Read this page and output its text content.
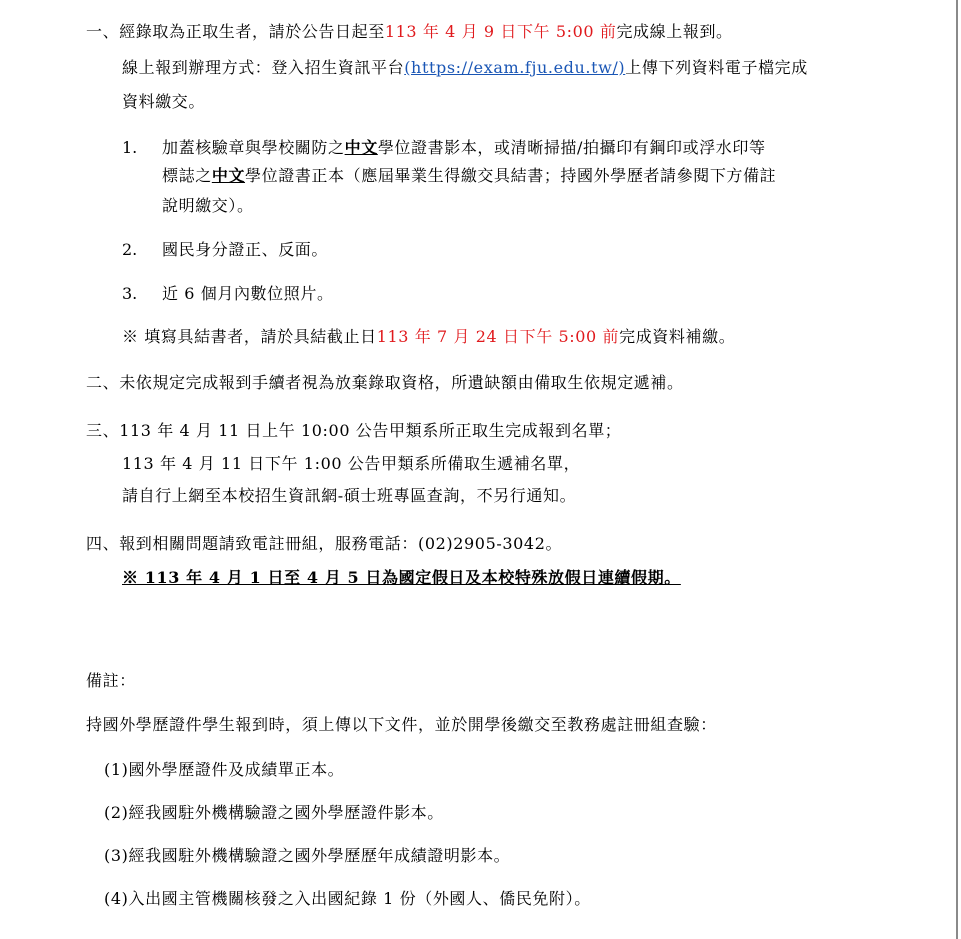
一、經錄取為正取生者，請於公告日起至113 年 4 月 9 日下午 5:00 前完成線上報到。
線上報到辦理方式：登入招生資訊平台(https://exam.fju.edu.tw/)上傳下列資料電子檔完成
資料繳交。
1. 加蓋核驗章與學校關防之中文學位證書影本，或清晰掃描/拍攝印有鋼印或浮水印等
標誌之中文學位證書正本（應屆畢業生得繳交具結書；持國外學歷者請參閱下方備註
說明繳交）。
2. 國民身分證正、反面。
3. 近 6 個月內數位照片。
※ 填寫具結書者，請於具結截止日113 年 7 月 24 日下午 5:00 前完成資料補繳。
二、未依規定完成報到手續者視為放棄錄取資格，所遺缺額由備取生依規定遞補。
三、113 年 4 月 11 日上午 10:00 公告甲類系所正取生完成報到名單；
113 年 4 月 11 日下午 1:00 公告甲類系所備取生遞補名單，
請自行上網至本校招生資訊網-碩士班專區查詢，不另行通知。
四、報到相關問題請致電註冊組，服務電話：(02)2905-3042。
※ 113 年 4 月 1 日至 4 月 5 日為國定假日及本校特殊放假日連續假期。
備註：
持國外學歷證件學生報到時，須上傳以下文件，並於開學後繳交至教務處註冊組查驗：
(1)國外學歷證件及成績單正本。
(2)經我國駐外機構驗證之國外學歷證件影本。
(3)經我國駐外機構驗證之國外學歷歷年成績證明影本。
(4)入出國主管機關核發之入出國紀錄 1 份（外國人、僑民免附）。
